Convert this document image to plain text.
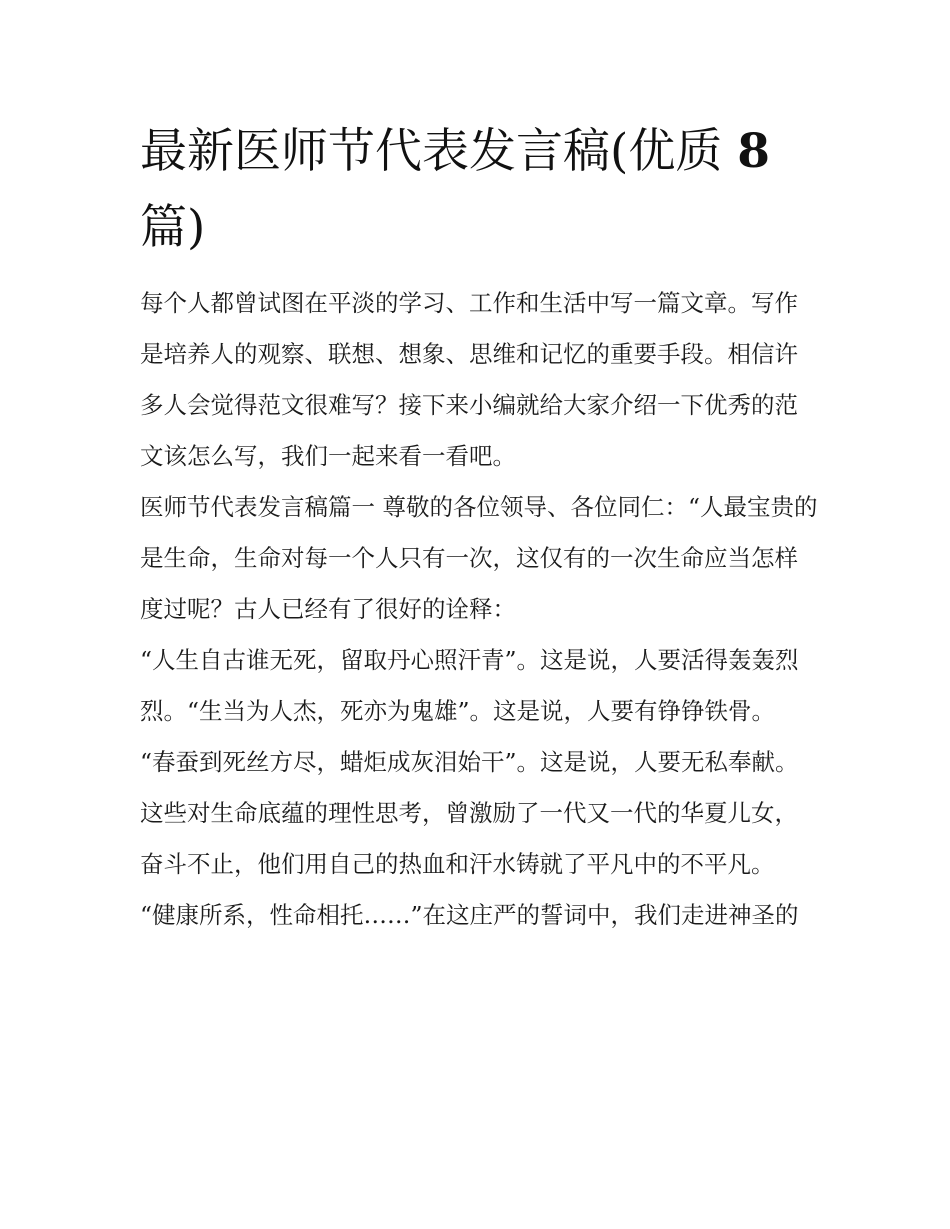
最新医师节代表发言稿(优质 8 篇)

每个人都曾试图在平淡的学习、工作和生活中写一篇文章。写作是培养人的观察、联想、想象、思维和记忆的重要手段。相信许多人会觉得范文很难写？接下来小编就给大家介绍一下优秀的范文该怎么写，我们一起来看一看吧。

医师节代表发言稿篇一 尊敬的各位领导、各位同仁：“人最宝贵的是生命，生命对每一个人只有一次，这仅有的一次生命应当怎样度过呢？古人已经有了很好的诠释：

“人生自古谁无死，留取丹心照汗青”。这是说，人要活得轰轰烈烈。“生当为人杰，死亦为鬼雄”。这是说，人要有铮铮铁骨。

“春蚕到死丝方尽，蜡炬成灰泪始干”。这是说，人要无私奉献。

这些对生命底蕴的理性思考，曾激励了一代又一代的华夏儿女，奋斗不止，他们用自己的热血和汗水铸就了平凡中的不平凡。

“健康所系，性命相托……”在这庄严的誓词中，我们走进神圣的
